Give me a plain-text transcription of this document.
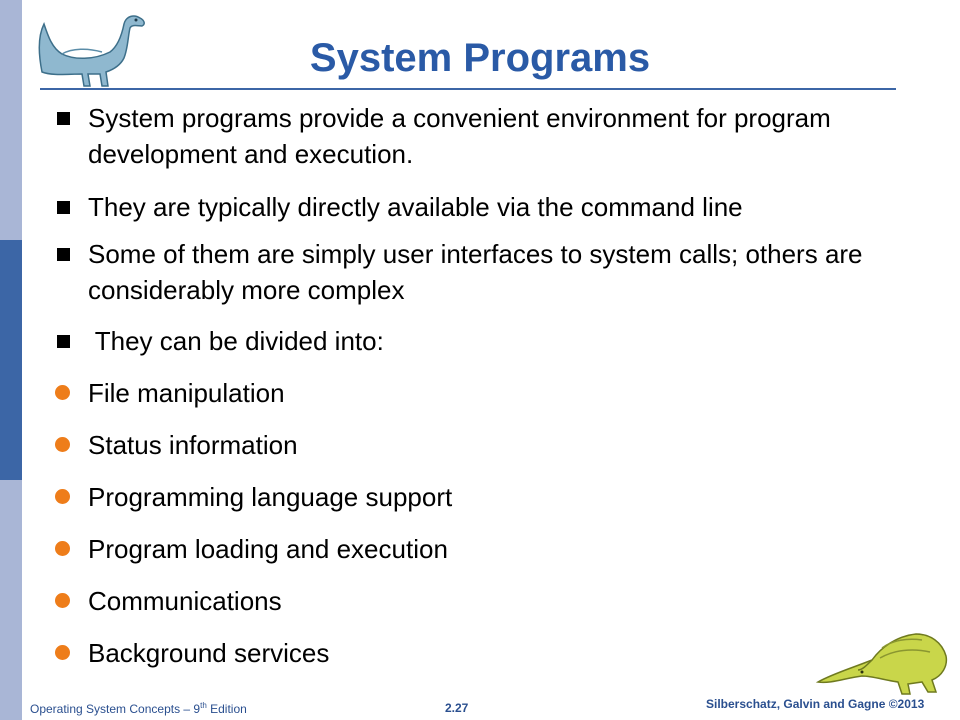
System Programs
System programs provide a convenient environment for program development and execution.
They are typically directly available via the command line
Some of them are simply user interfaces to system calls; others are considerably more complex
They can be divided into:
File manipulation
Status information
Programming language support
Program loading and execution
Communications
Background services
Operating System Concepts – 9th Edition	2.27	Silberschatz, Galvin and Gagne ©2013
